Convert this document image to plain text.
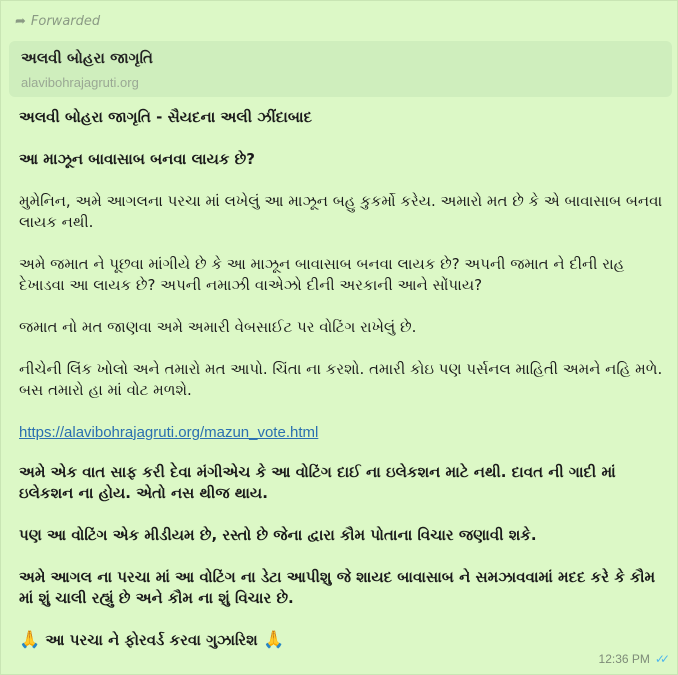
➦ Forwarded
અલવી બોહરા જાગૃતિ
alavibohrajagruti.org

અલવી બોહરા જાગૃતિ - સૈયદના અલી ઝીંદાબાદ

આ માઝૂન બાવાસાબ બનવા લાયક છે?

મુમેનિન, અમે આગલના પરચા માં લખેલું આ માઝૂન બહુ કુકર્મો કરેય. અમારો મત છે કે એ બાવાસાબ બનવા લાયક નથી.

અમે જમાત ને પૂછવા માંગીયે છે કે આ માઝૂન બાવાસાબ બનવા લાયક છે? અપની જમાત ને દીની રાહ દેખાડવા આ લાયક છે? અપની નમાઝી વાએઝો દીની અરકાની આને સોંપાય?

જમાત નો મત જાણવા અમે અમારી વેબસાઈટ પર વોટિંગ રાખેલું છે.

નીચેની લિંક ખોલો અને તમારો મત આપો. ચિંતા ના કરશો. તમારી કોઇ પણ પર્સનલ માહિતી અમને નહિ મળે. બસ તમારો હા માં વોટ મળશે.

https://alavibohrajagruti.org/mazun_vote.html

અમે એક વાત સાફ કરી દેવા મંગીએચ કે આ વોટિંગ દાઈ ના ઇલેકશન માટે નથી. દાવત ની ગાદી માં ઇલેકશન ના હોય. એતો નસ થીજ થાય.

પણ આ વોટિંગ એક મીડીયમ છે, રસ્તો છે જેના દ્વારા કૌમ પોતાના વિચાર જણાવી શકે.

અમે આગલ ના પરચા માં આ વોટિંગ ના ડેટા આપીશુ જે શાયદ બાવાસાબ ને સમઝાવવામાં મદદ કરે કે કૌમ માં શું ચાલી રહ્યું છે અને કૌમ ના શું વિચાર છે.

🙏 આ પરચા ને ફોરવર્ડ કરવા ગુઝારિશ 🙏

12:36 PM ✓✓
